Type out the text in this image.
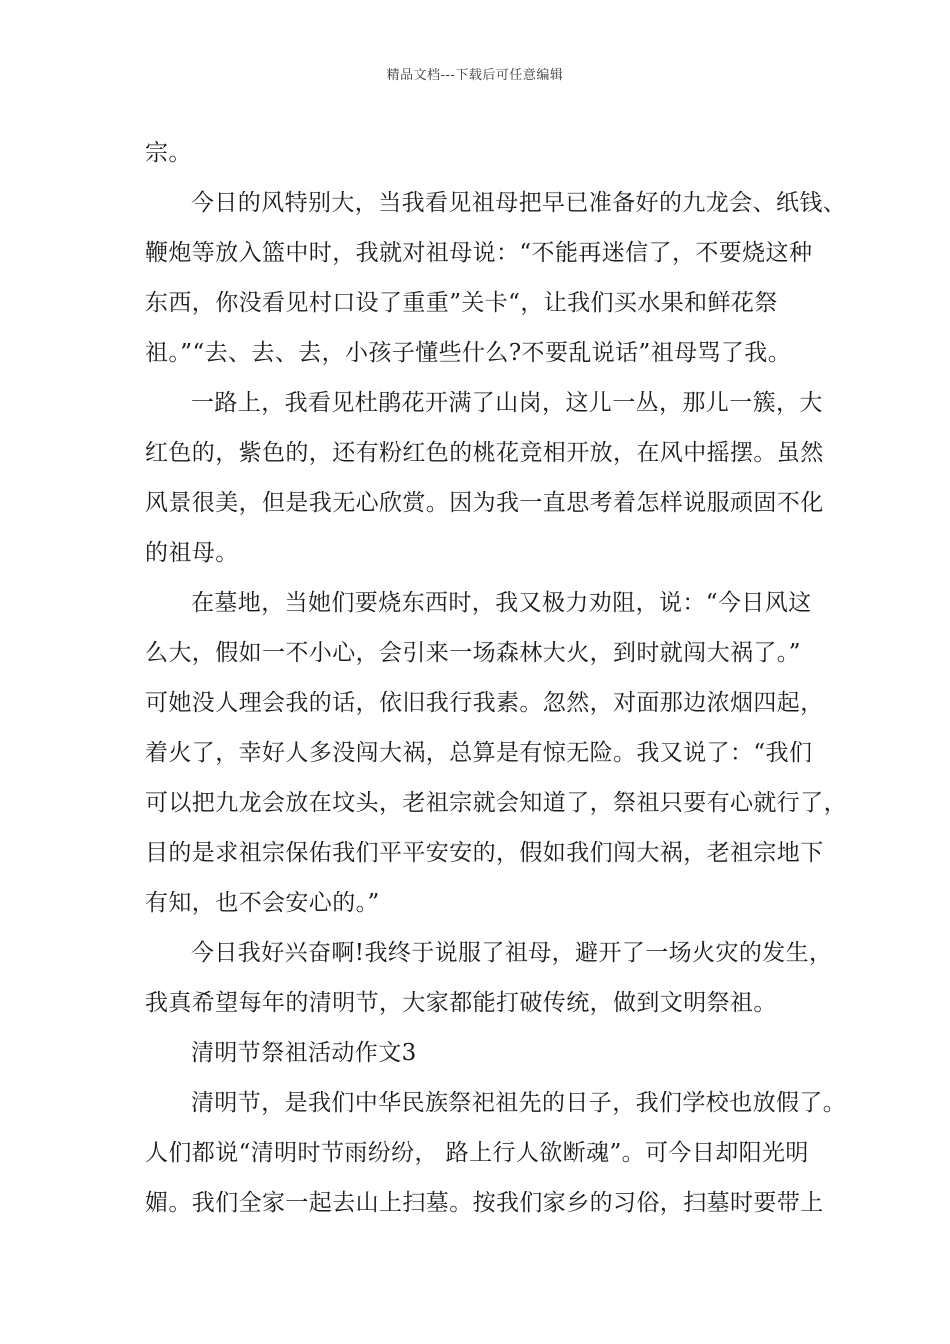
精品文档---下载后可任意编辑
宗。
今日的风特别大，当我看见祖母把早已准备好的九龙会、纸钱、
鞭炮等放入篮中时，我就对祖母说：“不能再迷信了，不要烧这种
东西，你没看见村口设了重重”关卡“，让我们买水果和鲜花祭
祖。”“去、去、去，小孩子懂些什么?不要乱说话”祖母骂了我。
一路上，我看见杜鹃花开满了山岗，这儿一丛，那儿一簇，大
红色的，紫色的，还有粉红色的桃花竞相开放，在风中摇摆。虽然
风景很美，但是我无心欣赏。因为我一直思考着怎样说服顽固不化
的祖母。
在墓地，当她们要烧东西时，我又极力劝阻，说：“今日风这
么大，假如一不小心，会引来一场森林大火，到时就闯大祸了。”
可她没人理会我的话，依旧我行我素。忽然，对面那边浓烟四起，
着火了，幸好人多没闯大祸，总算是有惊无险。我又说了：“我们
可以把九龙会放在坟头，老祖宗就会知道了，祭祖只要有心就行了，
目的是求祖宗保佑我们平平安安的，假如我们闯大祸，老祖宗地下
有知，也不会安心的。”
今日我好兴奋啊!我终于说服了祖母，避开了一场火灾的发生，
我真希望每年的清明节，大家都能打破传统，做到文明祭祖。
清明节祭祖活动作文3
清明节，是我们中华民族祭祀祖先的日子，我们学校也放假了。
人们都说“清明时节雨纷纷， 路上行人欲断魂”。可今日却阳光明
媚。我们全家一起去山上扫墓。按我们家乡的习俗，扫墓时要带上
